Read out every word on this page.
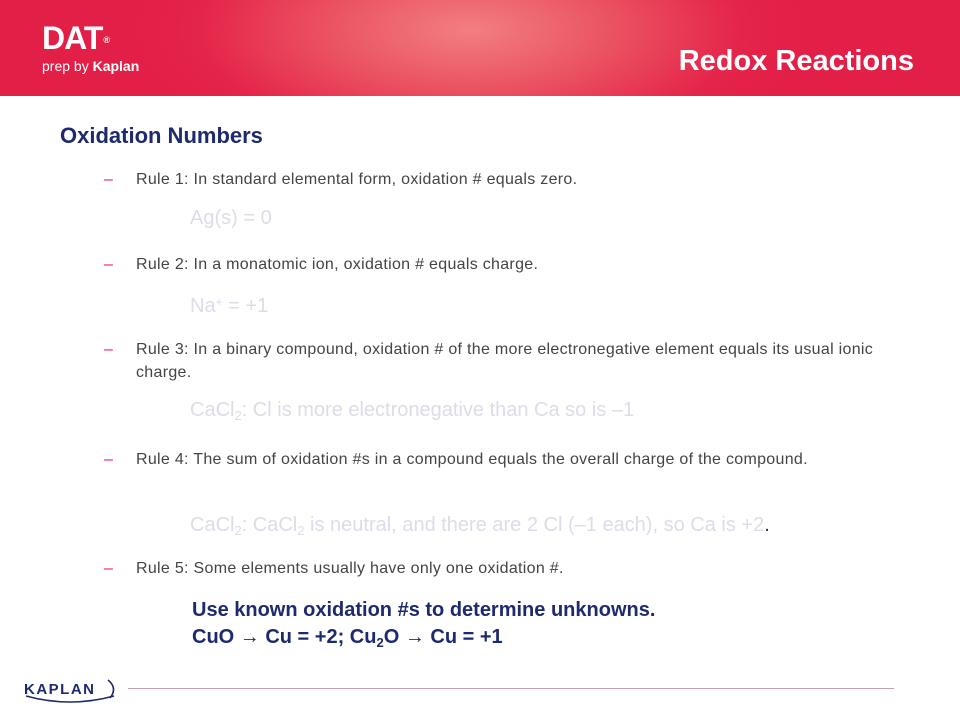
DAT®
prep by Kaplan	Redox Reactions
Oxidation Numbers
– Rule 1: In standard elemental form, oxidation # equals zero.
Ag(s) = 0
– Rule 2: In a monatomic ion, oxidation # equals charge.
Na+ = +1
– Rule 3: In a binary compound, oxidation # of the more electronegative element equals its usual ionic charge.
CaCl$_2$: Cl is more electronegative than Ca so is –1
– Rule 4: The sum of oxidation #s in a compound equals the overall charge of the compound.
CaCl$_2$: CaCl$_2$ is neutral, and there are 2 Cl (–1 each), so Ca is +2.
– Rule 5: Some elements usually have only one oxidation #.
Use known oxidation #s to determine unknowns.
CuO → Cu = +2; $Cu_2O \to Cu = +1$
KAPLAN
